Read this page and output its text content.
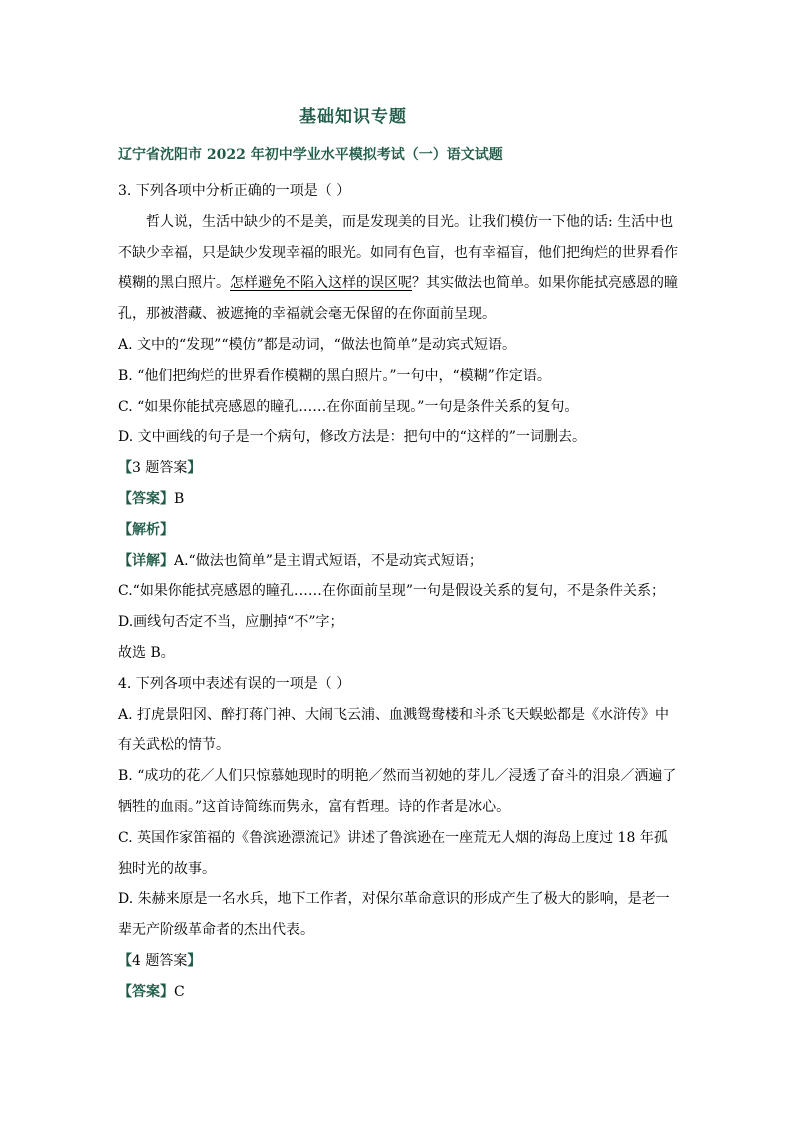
基础知识专题
辽宁省沈阳市 2022 年初中学业水平模拟考试（一）语文试题

3. 下列各项中分析正确的一项是（ ）

哲人说，生活中缺少的不是美，而是发现美的目光。让我们模仿一下他的话: 生活中也不缺少幸福，只是缺少发现幸福的眼光。如同有色盲，也有幸福盲，他们把绚烂的世界看作模糊的黑白照片。怎样避免不陷入这样的误区呢？其实做法也简单。如果你能拭亮感恩的瞳孔，那被潜藏、被遮掩的幸福就会毫无保留的在你面前呈现。

A. 文中的“发现”“模仿”都是动词，“做法也简单”是动宾式短语。

B. “他们把绚烂的世界看作模糊的黑白照片。”一句中，“模糊”作定语。

C. “如果你能拭亮感恩的瞳孔……在你面前呈现。”一句是条件关系的复句。

D. 文中画线的句子是一个病句，修改方法是：把句中的“这样的”一词删去。

【3 题答案】

【答案】B

【解析】

【详解】A.“做法也简单”是主谓式短语，不是动宾式短语；

C.“如果你能拭亮感恩的瞳孔……在你面前呈现”一句是假设关系的复句，不是条件关系；

D.画线句否定不当，应删掉“不”字；

故选 B。

4. 下列各项中表述有误的一项是（ ）

A. 打虎景阳冈、醉打蒋门神、大闹飞云浦、血溅鸳鸯楼和斗杀飞天蜈蚣都是《水浒传》中有关武松的情节。

B. “成功的花／人们只惊慕她现时的明艳／然而当初她的芽儿／浸透了奋斗的泪泉／洒遍了牺牲的血雨。”这首诗简练而隽永，富有哲理。诗的作者是冰心。

C. 英国作家笛福的《鲁滨逊漂流记》讲述了鲁滨逊在一座荒无人烟的海岛上度过 18 年孤独时光的故事。

D. 朱赫来原是一名水兵，地下工作者，对保尔革命意识的形成产生了极大的影响，是老一辈无产阶级革命者的杰出代表。

【4 题答案】

【答案】C
